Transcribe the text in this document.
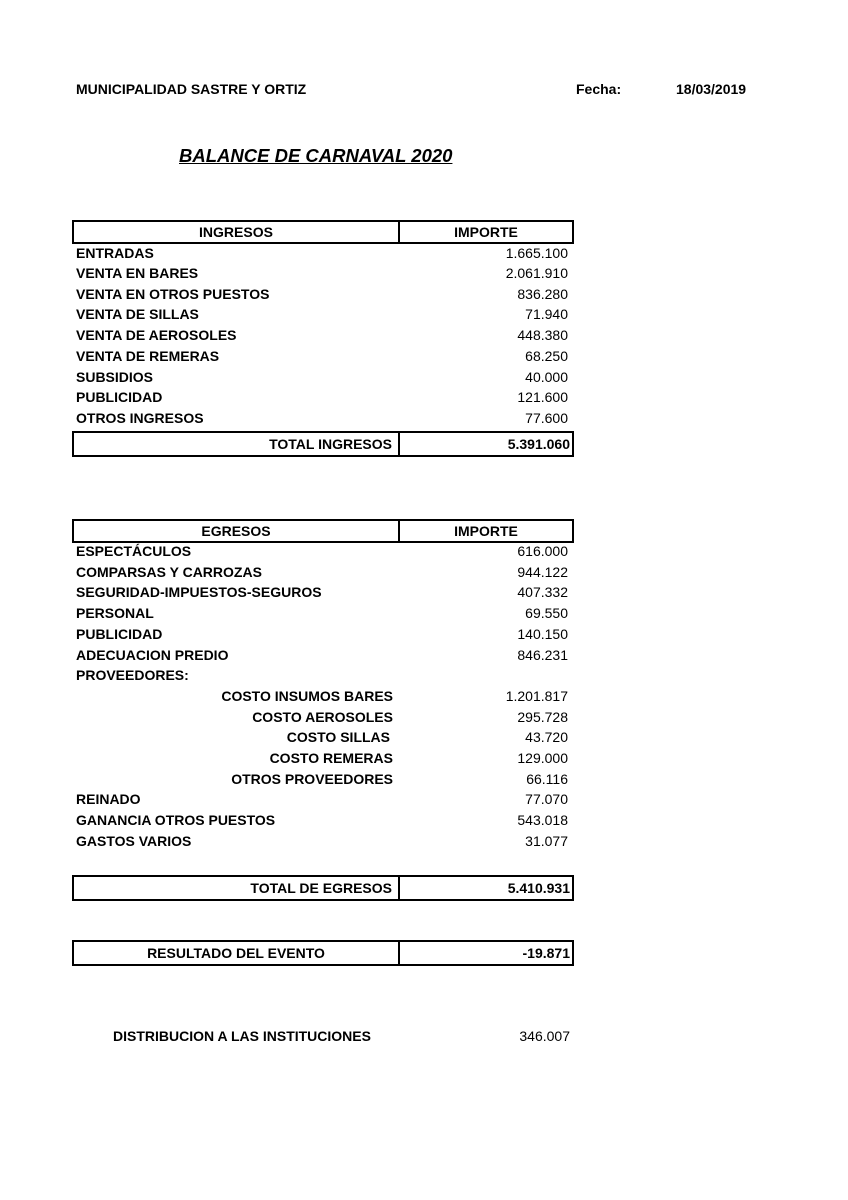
MUNICIPALIDAD SASTRE Y ORTIZ	Fecha:	18/03/2019
BALANCE DE CARNAVAL 2020
INGRESOS	IMPORTE
ENTRADAS	1.665.100
VENTA EN BARES	2.061.910
VENTA EN OTROS PUESTOS	836.280
VENTA DE SILLAS	71.940
VENTA DE AEROSOLES	448.380
VENTA DE REMERAS	68.250
SUBSIDIOS	40.000
PUBLICIDAD	121.600
OTROS INGRESOS	77.600
TOTAL INGRESOS	5.391.060
EGRESOS	IMPORTE
ESPECTÁCULOS	616.000
COMPARSAS Y CARROZAS	944.122
SEGURIDAD-IMPUESTOS-SEGUROS	407.332
PERSONAL	69.550
PUBLICIDAD	140.150
ADECUACION PREDIO	846.231
PROVEEDORES:
COSTO INSUMOS BARES	1.201.817
COSTO AEROSOLES	295.728
COSTO SILLAS	43.720
COSTO REMERAS	129.000
OTROS PROVEEDORES	66.116
REINADO	77.070
GANANCIA OTROS PUESTOS	543.018
GASTOS VARIOS	31.077
TOTAL DE EGRESOS	5.410.931
RESULTADO DEL EVENTO	-19.871
DISTRIBUCION A LAS INSTITUCIONES	346.007
